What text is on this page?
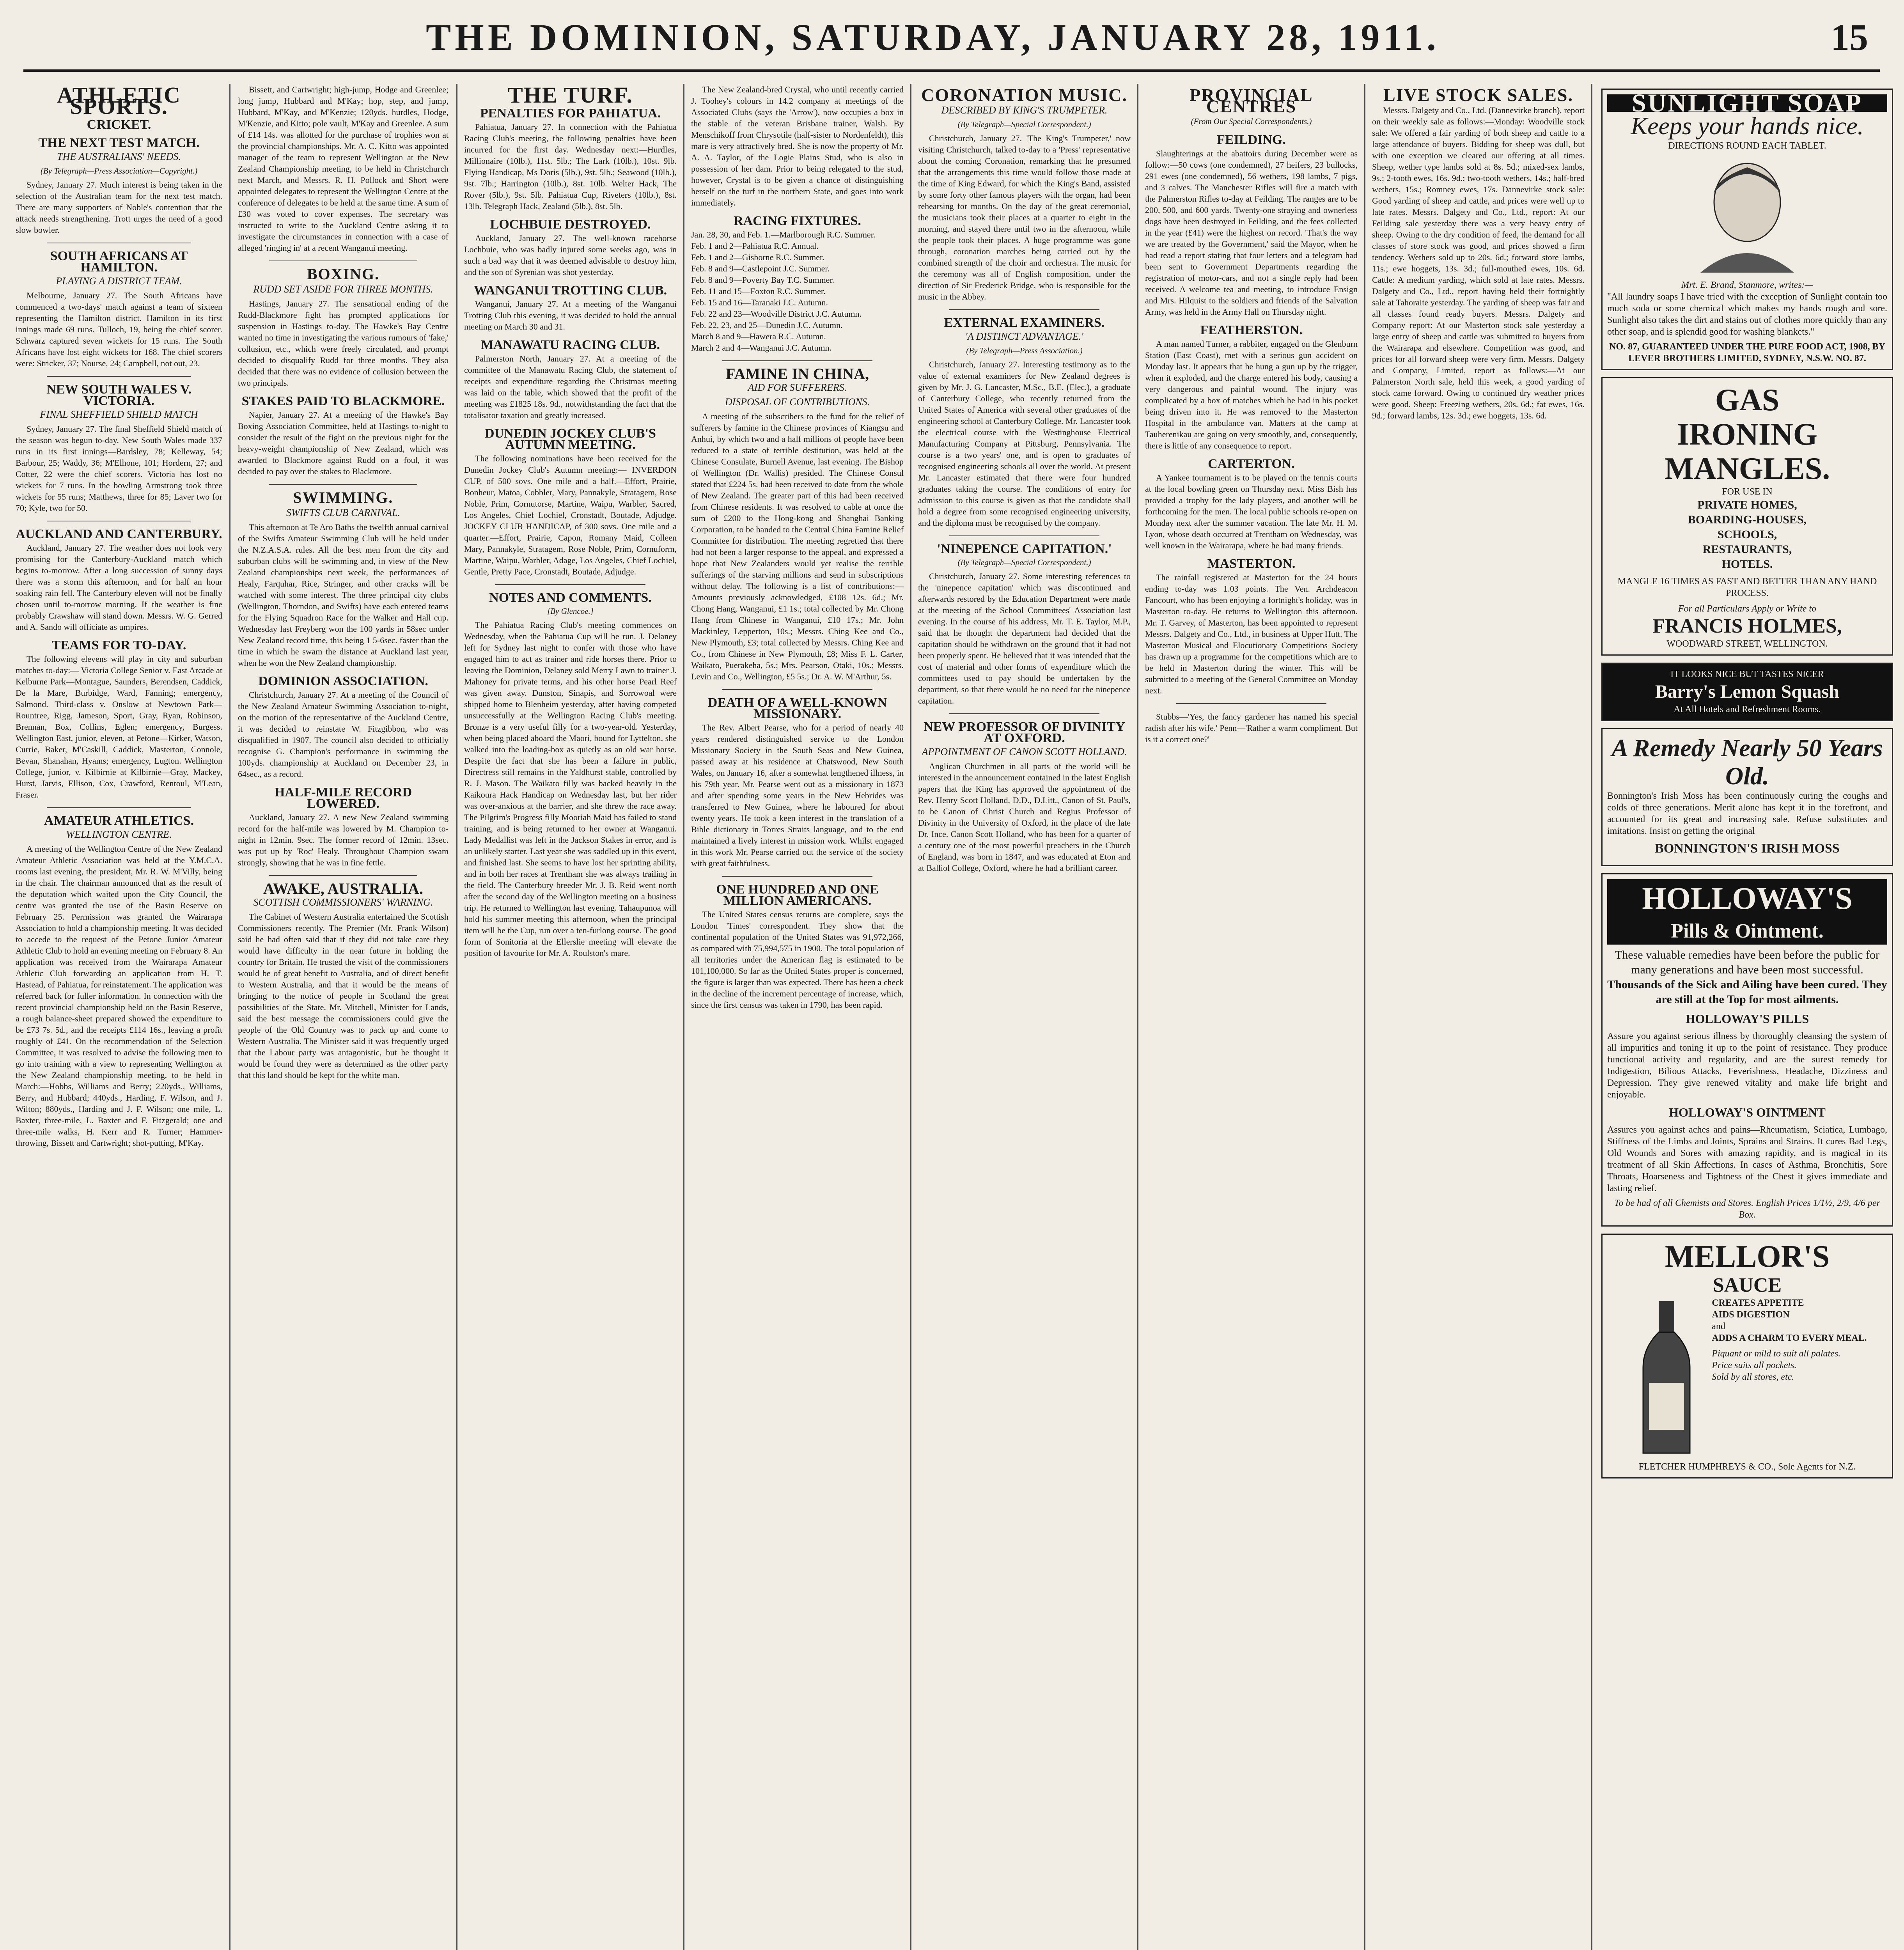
THE DOMINION, SATURDAY, JANUARY 28, 1911.	15
ATHLETIC SPORTS.
CRICKET.
THE NEXT TEST MATCH.
THE AUSTRALIANS' NEEDS.
(By Telegraph—Press Association—Copyright.)

Sydney, January 27. Much interest is being taken in the selection of the Australian team for the next test match. There are many supporters of Noble's contention that the attack needs strengthening. Trott urges the need of a good slow bowler.

SOUTH AFRICANS AT HAMILTON.
PLAYING A DISTRICT TEAM.

Melbourne, January 27. The South Africans have commenced a two-days' match against a team of sixteen representing the Hamilton district. Hamilton in its first innings made 69 runs. Tulloch, 19, being the chief scorer. Schwarz captured seven wickets for 15 runs. The South Africans have lost eight wickets for 168. The chief scorers were: Stricker, 37; Nourse, 24; Campbell, not out, 23.

NEW SOUTH WALES V. VICTORIA.
FINAL SHEFFIELD SHIELD MATCH

Sydney, January 27. The final Sheffield Shield match of the season was begun to-day. New South Wales made 337 runs in its first innings—Bardsley, 78; Kelleway, 54; Barbour, 25; Waddy, 36; M'Elhone, 101; Hordern, 27; and Cotter, 22 were the chief scorers. Victoria has lost no wickets for 7 runs. In the bowling Armstrong took three wickets for 55 runs; Matthews, three for 85; Laver two for 70; Kyle, two for 50.

AUCKLAND AND CANTERBURY.

Auckland, January 27. The weather does not look very promising for the Canterbury-Auckland match which begins to-morrow. After a long succession of sunny days there was a storm this afternoon, and for half an hour soaking rain fell. The Canterbury eleven will not be finally chosen until to-morrow morning. If the weather is fine probably Crawshaw will stand down. Messrs. W. G. Gerred and A. Sando will officiate as umpires.

TEAMS FOR TO-DAY.

The following elevens will play in city and suburban matches to-day:— Victoria College Senior v. East Arcade at Kelburne Park—Montague, Saunders, Berendsen, Caddick, De la Mare, Burbidge, Ward, Fanning; emergency, Salmond. Third-class v. Onslow at Newtown Park—Rountree, Rigg, Jameson, Sport, Gray, Ryan, Robinson, Brennan, Box, Collins, Eglen; emergency, Burgess. Wellington East, junior, eleven, at Petone—Kirker, Watson, Currie, Baker, M'Caskill, Caddick, Masterton, Connole, Bevan, Shanahan, Hyams; emergency, Lugton. Wellington College, junior, v. Kilbirnie at Kilbirnie—Gray, Mackey, Hurst, Jarvis, Ellison, Cox, Crawford, Rentoul, M'Lean, Fraser.

AMATEUR ATHLETICS.
WELLINGTON CENTRE.

A meeting of the Wellington Centre of the New Zealand Amateur Athletic Association was held at the Y.M.C.A. rooms last evening, the president, Mr. R. W. M'Villy, being in the chair. The chairman announced that as the result of the deputation which waited upon the City Council, the centre was granted the use of the Basin Reserve on February 25. Permission was granted the Wairarapa Association to hold a championship meeting. It was decided to accede to the request of the Petone Junior Amateur Athletic Club to hold an evening meeting on February 8. An application was received from the Wairarapa Amateur Athletic Club forwarding an application from H. T. Hastead, of Pahiatua, for reinstatement. The application was referred back for fuller information. In connection with the recent provincial championship held on the Basin Reserve, a rough balance-sheet prepared showed the expenditure to be £73 7s. 5d., and the receipts £114 16s., leaving a profit roughly of £41. On the recommendation of the Selection Committee, it was resolved to advise the following men to go into training with a view to representing Wellington at the New Zealand championship meeting, to be held in March:—Hobbs, Williams and Berry; 220yds., Williams, Berry, and Hubbard; 440yds., Harding, F. Wilson, and J. Wilton; 880yds., Harding and J. F. Wilson; one mile, L. Baxter, three-mile, L. Baxter and F. Fitzgerald; one and three-mile walks, H. Kerr and R. Turner; Hammer-throwing, Bissett and Cartwright; shot-putting, M'Kay.

Bissett, and Cartwright; high-jump, Hodge and Greenlee; long jump, Hubbard and M'Kay; hop, step, and jump, Hubbard, M'Kay, and M'Kenzie; 120yds. hurdles, Hodge, M'Kenzie, and Kitto; pole vault, M'Kay and Greenlee. A sum of £14 14s. was allotted for the purchase of trophies won at the provincial championships. Mr. A. C. Kitto was appointed manager of the team to represent Wellington at the New Zealand Championship meeting, to be held in Christchurch next March, and Messrs. R. H. Pollock and Short were appointed delegates to represent the Wellington Centre at the conference of delegates to be held at the same time. A sum of £30 was voted to cover expenses. The secretary was instructed to write to the Auckland Centre asking it to investigate the circumstances in connection with a case of alleged 'ringing in' at a recent Wanganui meeting.

BOXING.
RUDD SET ASIDE FOR THREE MONTHS.

Hastings, January 27. The sensational ending of the Rudd-Blackmore fight has prompted applications for suspension in Hastings to-day. The Hawke's Bay Centre wanted no time in investigating the various rumours of 'fake,' collusion, etc., which were freely circulated, and prompt decided to disqualify Rudd for three months. They also decided that there was no evidence of collusion between the two principals.

STAKES PAID TO BLACKMORE.

Napier, January 27. At a meeting of the Hawke's Bay Boxing Association Committee, held at Hastings to-night to consider the result of the fight on the previous night for the heavy-weight championship of New Zealand, which was awarded to Blackmore against Rudd on a foul, it was decided to pay over the stakes to Blackmore.

SWIMMING.
SWIFTS CLUB CARNIVAL.

This afternoon at Te Aro Baths the twelfth annual carnival of the Swifts Amateur Swimming Club will be held under the N.Z.A.S.A. rules. All the best men from the city and suburban clubs will be swimming and, in view of the New Zealand championships next week, the performances of Healy, Farquhar, Rice, Stringer, and other cracks will be watched with some interest. The three principal city clubs (Wellington, Thorndon, and Swifts) have each entered teams for the Flying Squadron Race for the Walker and Hall cup. Wednesday last Freyberg won the 100 yards in 58sec under New Zealand record time, this being 1 5-6sec. faster than the time in which he swam the distance at Auckland last year, when he won the New Zealand championship.

DOMINION ASSOCIATION.

Christchurch, January 27. At a meeting of the Council of the New Zealand Amateur Swimming Association to-night, on the motion of the representative of the Auckland Centre, it was decided to reinstate W. Fitzgibbon, who was disqualified in 1907. The council also decided to officially recognise G. Champion's performance in swimming the 100yds. championship at Auckland on December 23, in 64sec., as a record.

HALF-MILE RECORD LOWERED.

Auckland, January 27. A new New Zealand swimming record for the half-mile was lowered by M. Champion to-night in 12min. 9sec. The former record of 12min. 13sec. was put up by 'Roc' Healy. Throughout Champion swam strongly, showing that he was in fine fettle.

AWAKE, AUSTRALIA.
SCOTTISH COMMISSIONERS' WARNING.

The Cabinet of Western Australia entertained the Scottish Commissioners recently. The Premier (Mr. Frank Wilson) said he had often said that if they did not take care they would have difficulty in the near future in holding the country for Britain. He trusted the visit of the commissioners would be of great benefit to Australia, and of direct benefit to Western Australia, and that it would be the means of bringing to the notice of people in Scotland the great possibilities of the State. Mr. Mitchell, Minister for Lands, said the best message the commissioners could give the people of the Old Country was to pack up and come to Western Australia. The Minister said it was frequently urged that the Labour party was antagonistic, but he thought it would be found they were as determined as the other party that this land should be kept for the white man.

THE TURF.
PENALTIES FOR PAHIATUA.

Pahiatua, January 27. In connection with the Pahiatua Racing Club's meeting, the following penalties have been incurred for the first day. Wednesday next:—Hurdles, Millionaire (10lb.), 11st. 5lb.; The Lark (10lb.), 10st. 9lb. Flying Handicap, Ms Doris (5lb.), 9st. 5lb.; Seawood (10lb.), 9st. 7lb.; Harrington (10lb.), 8st. 10lb. Welter Hack, The Rover (5lb.), 9st. 5lb. Pahiatua Cup, Riveters (10lb.), 8st. 13lb. Telegraph Hack, Zealand (5lb.), 8st. 5lb.

LOCHBUIE DESTROYED.

Auckland, January 27. The well-known racehorse Lochbuie, who was badly injured some weeks ago, was in such a bad way that it was deemed advisable to destroy him, and the son of Syrenian was shot yesterday.

WANGANUI TROTTING CLUB.

Wanganui, January 27. At a meeting of the Wanganui Trotting Club this evening, it was decided to hold the annual meeting on March 30 and 31.

MANAWATU RACING CLUB.

Palmerston North, January 27. At a meeting of the committee of the Manawatu Racing Club, the statement of receipts and expenditure regarding the Christmas meeting was laid on the table, which showed that the profit of the meeting was £1825 18s. 9d., notwithstanding the fact that the totalisator taxation and greatly increased.

DUNEDIN JOCKEY CLUB'S AUTUMN MEETING.

The following nominations have been received for the Dunedin Jockey Club's Autumn meeting:— INVERDON CUP, of 500 sovs. One mile and a half.—Effort, Prairie, Bonheur, Matoa, Cobbler, Mary, Pannakyle, Stratagem, Rose Noble, Prim, Cornutorse, Martine, Waipu, Warbler, Sacred, Los Angeles, Chief Lochiel, Cronstadt, Boutade, Adjudge. JOCKEY CLUB HANDICAP, of 300 sovs. One mile and a quarter.—Effort, Prairie, Capon, Romany Maid, Colleen Mary, Pannakyle, Stratagem, Rose Noble, Prim, Cornuform, Martine, Waipu, Warbler, Adage, Los Angeles, Chief Lochiel, Gentle, Pretty Pace, Cronstadt, Boutade, Adjudge.

NOTES AND COMMENTS.
[By Glencoe.]

The Pahiatua Racing Club's meeting commences on Wednesday, when the Pahiatua Cup will be run. J. Delaney left for Sydney last night to confer with those who have engaged him to act as trainer and ride horses there. Prior to leaving the Dominion, Delaney sold Merry Lawn to trainer J. Mahoney for private terms, and his other horse Pearl Reef was given away. Dunston, Sinapis, and Sorrowoal were shipped home to Blenheim yesterday, after having competed unsuccessfully at the Wellington Racing Club's meeting. Bronze is a very useful filly for a two-year-old. Yesterday, when being placed aboard the Maori, bound for Lyttelton, she walked into the loading-box as quietly as an old war horse. Despite the fact that she has been a failure in public, Directress still remains in the Yaldhurst stable, controlled by R. J. Mason. The Waikato filly was backed heavily in the Kaikoura Hack Handicap on Wednesday last, but her rider was over-anxious at the barrier, and she threw the race away. The Pilgrim's Progress filly Mooriah Maid has failed to stand training, and is being returned to her owner at Wanganui. Lady Medallist was left in the Jackson Stakes in error, and is an unlikely starter. Last year she was saddled up in this event, and finished last. She seems to have lost her sprinting ability, and in both her races at Trentham she was always trailing in the field. The Canterbury breeder Mr. J. B. Reid went north after the second day of the Wellington meeting on a business trip. He returned to Wellington last evening. Tahaupunoa will hold his summer meeting this afternoon, when the principal item will be the Cup, run over a ten-furlong course. The good form of Sonitoria at the Ellerslie meeting will elevate the position of favourite for Mr. A. Roulston's mare.

The New Zealand-bred Crystal, who until recently carried J. Toohey's colours in 14.2 company at meetings of the Associated Clubs (says the 'Arrow'), now occupies a box in the stable of the veteran Brisbane trainer, Walsh. By Menschikoff from Chrysotile (half-sister to Nordenfeldt), this mare is very attractively bred. She is now the property of Mr. A. A. Taylor, of the Logie Plains Stud, who is also in possession of her dam. Prior to being relegated to the stud, however, Crystal is to be given a chance of distinguishing herself on the turf in the northern State, and goes into work immediately.

RACING FIXTURES.
Jan. 28, 30, and Feb. 1.—Marlborough R.C. Summer.
Feb. 1 and 2—Pahiatua R.C. Annual.
Feb. 1 and 2—Gisborne R.C. Summer.
Feb. 8 and 9—Castlepoint J.C. Summer.
Feb. 8 and 9—Poverty Bay T.C. Summer.
Feb. 11 and 15—Foxton R.C. Summer.
Feb. 15 and 16—Taranaki J.C. Autumn.
Feb. 22 and 23—Woodville District J.C. Autumn.
Feb. 22, 23, and 25—Dunedin J.C. Autumn.
March 8 and 9—Hawera R.C. Autumn.
March 2 and 4—Wanganui J.C. Autumn.
FAMINE IN CHINA,
AID FOR SUFFERERS.
DISPOSAL OF CONTRIBUTIONS.

A meeting of the subscribers to the fund for the relief of sufferers by famine in the Chinese provinces of Kiangsu and Anhui, by which two and a half millions of people have been reduced to a state of terrible destitution, was held at the Chinese Consulate, Burnell Avenue, last evening. The Bishop of Wellington (Dr. Wallis) presided. The Chinese Consul stated that £224 5s. had been received to date from the whole of New Zealand. The greater part of this had been received from Chinese residents. It was resolved to cable at once the sum of £200 to the Hong-kong and Shanghai Banking Corporation, to be handed to the Central China Famine Relief Committee for distribution. The meeting regretted that there had not been a larger response to the appeal, and expressed a hope that New Zealanders would yet realise the terrible sufferings of the starving millions and send in subscriptions without delay. The following is a list of contributions:—Amounts previously acknowledged, £108 12s. 6d.; Mr. Chong Hang, Wanganui, £1 1s.; total collected by Mr. Chong Hang from Chinese in Wanganui, £10 17s.; Mr. John Mackinley, Lepperton, 10s.; Messrs. Ching Kee and Co., New Plymouth, £3; total collected by Messrs. Ching Kee and Co., from Chinese in New Plymouth, £8; Miss F. L. Carter, Waikato, Puerakeha, 5s.; Mrs. Pearson, Otaki, 10s.; Messrs. Levin and Co., Wellington, £5 5s.; Dr. A. W. M'Arthur, 5s.

DEATH OF A WELL-KNOWN MISSIONARY.

The Rev. Albert Pearse, who for a period of nearly 40 years rendered distinguished service to the London Missionary Society in the South Seas and New Guinea, passed away at his residence at Chatswood, New South Wales, on January 16, after a somewhat lengthened illness, in his 79th year. Mr. Pearse went out as a missionary in 1873 and after spending some years in the New Hebrides was transferred to New Guinea, where he laboured for about twenty years. He took a keen interest in the translation of a Bible dictionary in Torres Straits language, and to the end maintained a lively interest in mission work. Whilst engaged in this work Mr. Pearse carried out the service of the society with great faithfulness.

ONE HUNDRED AND ONE MILLION AMERICANS.

The United States census returns are complete, says the London 'Times' correspondent. They show that the continental population of the United States was 91,972,266, as compared with 75,994,575 in 1900. The total population of all territories under the American flag is estimated to be 101,100,000. So far as the United States proper is concerned, the figure is larger than was expected. There has been a check in the decline of the increment percentage of increase, which, since the first census was taken in 1790, has been rapid.

CORONATION MUSIC.
DESCRIBED BY KING'S TRUMPETER.
(By Telegraph—Special Correspondent.)

Christchurch, January 27. 'The King's Trumpeter,' now visiting Christchurch, talked to-day to a 'Press' representative about the coming Coronation, remarking that he presumed that the arrangements this time would follow those made at the time of King Edward, for which the King's Band, assisted by some forty other famous players with the organ, had been rehearsing for months. On the day of the great ceremonial, the musicians took their places at a quarter to eight in the morning, and stayed there until two in the afternoon, while the people took their places. A huge programme was gone through, coronation marches being carried out by the combined strength of the choir and orchestra. The music for the ceremony was all of English composition, under the direction of Sir Frederick Bridge, who is responsible for the music in the Abbey.

EXTERNAL EXAMINERS.
'A DISTINCT ADVANTAGE.'
(By Telegraph—Press Association.)

Christchurch, January 27. Interesting testimony as to the value of external examiners for New Zealand degrees is given by Mr. J. G. Lancaster, M.Sc., B.E. (Elec.), a graduate of Canterbury College, who recently returned from the United States of America with several other graduates of the engineering school at Canterbury College. Mr. Lancaster took the electrical course with the Westinghouse Electrical Manufacturing Company at Pittsburg, Pennsylvania. The course is a two years' one, and is open to graduates of recognised engineering schools all over the world. At present Mr. Lancaster estimated that there were four hundred graduates taking the course. The conditions of entry for admission to this course is given as that the candidate shall hold a degree from some recognised engineering university, and the diploma must be recognised by the company.

'NINEPENCE CAPITATION.'
(By Telegraph—Special Correspondent.)

Christchurch, January 27. Some interesting references to the 'ninepence capitation' which was discontinued and afterwards restored by the Education Department were made at the meeting of the School Committees' Association last evening. In the course of his address, Mr. T. E. Taylor, M.P., said that he thought the department had decided that the capitation should be withdrawn on the ground that it had not been properly spent. He believed that it was intended that the cost of material and other forms of expenditure which the committees used to pay should be undertaken by the department, so that there would be no need for the ninepence capitation.

NEW PROFESSOR OF DIVINITY AT OXFORD.
APPOINTMENT OF CANON SCOTT HOLLAND.

Anglican Churchmen in all parts of the world will be interested in the announcement contained in the latest English papers that the King has approved the appointment of the Rev. Henry Scott Holland, D.D., D.Litt., Canon of St. Paul's, to be Canon of Christ Church and Regius Professor of Divinity in the University of Oxford, in the place of the late Dr. Ince. Canon Scott Holland, who has been for a quarter of a century one of the most powerful preachers in the Church of England, was born in 1847, and was educated at Eton and at Balliol College, Oxford, where he had a brilliant career.

PROVINCIAL CENTRES
(From Our Special Correspondents.)
FEILDING.

Slaughterings at the abattoirs during December were as follow:—50 cows (one condemned), 27 heifers, 23 bullocks, 291 ewes (one condemned), 56 wethers, 198 lambs, 7 pigs, and 3 calves. The Manchester Rifles will fire a match with the Palmerston Rifles to-day at Feilding. The ranges are to be 200, 500, and 600 yards. Twenty-one straying and ownerless dogs have been destroyed in Feilding, and the fees collected in the year (£41) were the highest on record. 'That's the way we are treated by the Government,' said the Mayor, when he had read a report stating that four letters and a telegram had been sent to Government Departments regarding the registration of motor-cars, and not a single reply had been received. A welcome tea and meeting, to introduce Ensign and Mrs. Hilquist to the soldiers and friends of the Salvation Army, was held in the Army Hall on Thursday night.

FEATHERSTON.

A man named Turner, a rabbiter, engaged on the Glenburn Station (East Coast), met with a serious gun accident on Monday last. It appears that he hung a gun up by the trigger, when it exploded, and the charge entered his body, causing a very dangerous and painful wound. The injury was complicated by a box of matches which he had in his pocket being driven into it. He was removed to the Masterton Hospital in the ambulance van. Matters at the camp at Tauherenikau are going on very smoothly, and, consequently, there is little of any consequence to report.

CARTERTON.

A Yankee tournament is to be played on the tennis courts at the local bowling green on Thursday next. Miss Bish has provided a trophy for the lady players, and another will be forthcoming for the men. The local public schools re-open on Monday next after the summer vacation. The late Mr. H. M. Lyon, whose death occurred at Trentham on Wednesday, was well known in the Wairarapa, where he had many friends.

MASTERTON.

The rainfall registered at Masterton for the 24 hours ending to-day was 1.03 points. The Ven. Archdeacon Fancourt, who has been enjoying a fortnight's holiday, was in Masterton to-day. He returns to Wellington this afternoon. Mr. T. Garvey, of Masterton, has been appointed to represent Messrs. Dalgety and Co., Ltd., in business at Upper Hutt. The Masterton Musical and Elocutionary Competitions Society has drawn up a programme for the competitions which are to be held in Masterton during the winter. This will be submitted to a meeting of the General Committee on Monday next.

Stubbs—'Yes, the fancy gardener has named his special radish after his wife.' Penn—'Rather a warm compliment. But is it a correct one?'

LIVE STOCK SALES.

Messrs. Dalgety and Co., Ltd. (Dannevirke branch), report on their weekly sale as follows:—Monday: Woodville stock sale: We offered a fair yarding of both sheep and cattle to a large attendance of buyers. Bidding for sheep was dull, but with one exception we cleared our offering at all times. Sheep, wether type lambs sold at 8s. 5d.; mixed-sex lambs, 9s.; 2-tooth ewes, 16s. 9d.; two-tooth wethers, 14s.; half-bred wethers, 15s.; Romney ewes, 17s. Dannevirke stock sale: Good yarding of sheep and cattle, and prices were well up to late rates. Messrs. Dalgety and Co., Ltd., report: At our Feilding sale yesterday there was a very heavy entry of sheep. Owing to the dry condition of feed, the demand for all classes of store stock was good, and prices showed a firm tendency. Wethers sold up to 20s. 6d.; forward store lambs, 11s.; ewe hoggets, 13s. 3d.; full-mouthed ewes, 10s. 6d. Cattle: A medium yarding, which sold at late rates. Messrs. Dalgety and Co., Ltd., report having held their fortnightly sale at Tahoraite yesterday. The yarding of sheep was fair and all classes found ready buyers. Messrs. Dalgety and Company report: At our Masterton stock sale yesterday a large entry of sheep and cattle was submitted to buyers from the Wairarapa and elsewhere. Competition was good, and prices for all forward sheep were very firm. Messrs. Dalgety and Company, Limited, report as follows:—At our Palmerston North sale, held this week, a good yarding of stock came forward. Owing to continued dry weather prices were good. Sheep: Freezing wethers, 20s. 6d.; fat ewes, 16s. 9d.; forward lambs, 12s. 3d.; ewe hoggets, 13s. 6d.

SUNLIGHT SOAP
Keeps your hands nice.
DIRECTIONS ROUND EACH TABLET.
Mrt. E. Brand, Stanmore, writes:—
"All laundry soaps I have tried with the exception of Sunlight contain too much soda or some chemical which makes my hands rough and sore. Sunlight also takes the dirt and stains out of clothes more quickly than any other soap, and is splendid good for washing blankets."
NO. 87, GUARANTEED UNDER THE PURE FOOD ACT, 1908, BY LEVER BROTHERS LIMITED, SYDNEY, N.S.W. NO. 87.
GAS
IRONING
MANGLES.
FOR USE IN
PRIVATE HOMES,
BOARDING-HOUSES,
SCHOOLS,
RESTAURANTS,
HOTELS.
MANGLE 16 TIMES AS FAST AND BETTER THAN ANY HAND PROCESS.
For all Particulars Apply or Write to
FRANCIS HOLMES,
WOODWARD STREET, WELLINGTON.
IT LOOKS NICE BUT TASTES NICER
Barry's Lemon Squash
At All Hotels and Refreshment Rooms.
A Remedy Nearly 50 Years Old.
Bonnington's Irish Moss has been continuously curing the coughs and colds of three generations. Merit alone has kept it in the forefront, and accounted for its great and increasing sale. Refuse substitutes and imitations. Insist on getting the original
BONNINGTON'S IRISH MOSS
HOLLOWAY'S
Pills & Ointment.
These valuable remedies have been before the public for many generations and have been most successful.
Thousands of the Sick and Ailing have been cured. They are still at the Top for most ailments.
HOLLOWAY'S PILLS
Assure you against serious illness by thoroughly cleansing the system of all impurities and toning it up to the point of resistance. They produce functional activity and regularity, and are the surest remedy for Indigestion, Bilious Attacks, Feverishness, Headache, Dizziness and Depression. They give renewed vitality and make life bright and enjoyable.
HOLLOWAY'S OINTMENT
Assures you against aches and pains—Rheumatism, Sciatica, Lumbago, Stiffness of the Limbs and Joints, Sprains and Strains. It cures Bad Legs, Old Wounds and Sores with amazing rapidity, and is magical in its treatment of all Skin Affections. In cases of Asthma, Bronchitis, Sore Throats, Hoarseness and Tightness of the Chest it gives immediate and lasting relief.
To be had of all Chemists and Stores. English Prices 1/1½, 2/9, 4/6 per Box.
MELLOR'S
SAUCE
CREATES APPETITE
AIDS DIGESTION
and
ADDS A CHARM TO EVERY MEAL.
Piquant or mild to suit all palates.
Price suits all pockets.
Sold by all stores, etc.
FLETCHER HUMPHREYS & CO., Sole Agents for N.Z.
